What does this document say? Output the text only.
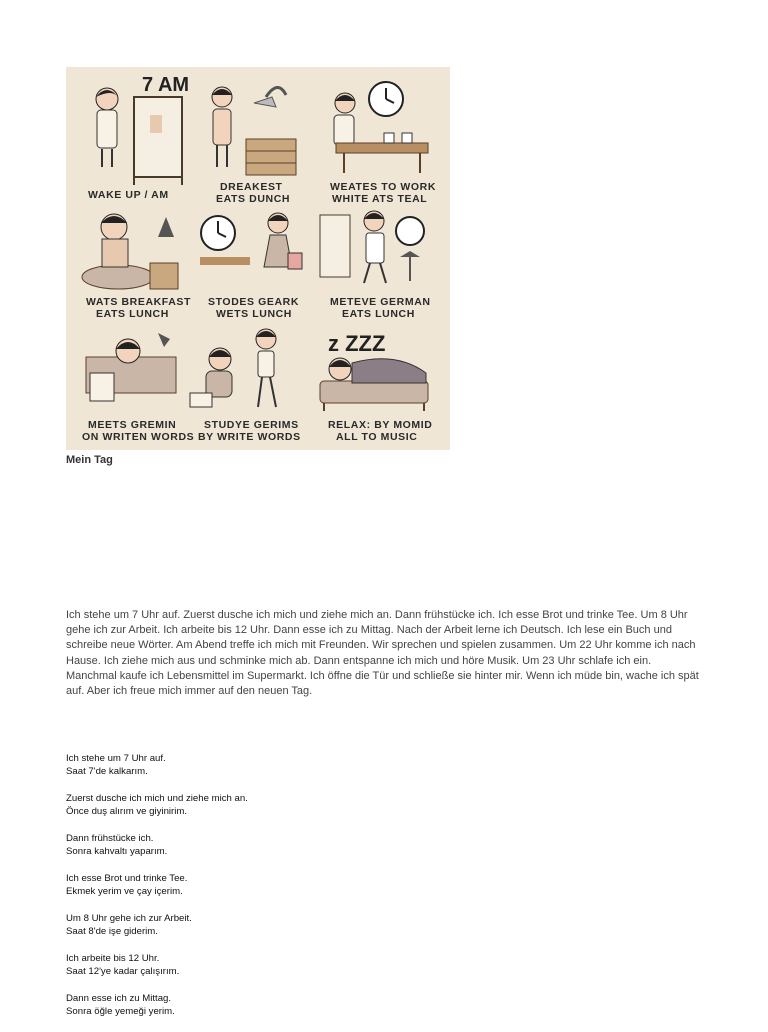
7 AM
z ZZZ
WAKE UP / AM
DREAKEST
EATS DUNCH
WEATES TO WORK
WHITE ATS TEAL
WATS BREAKFAST
EATS LUNCH
STODES GEARK
WETS LUNCH
METEVE GERMAN
EATS LUNCH
MEETS GREMIN
ON WRITEN WORDS
STUDYE GERIMS
BY WRITE WORDS
RELAX: BY MOMID
ALL TO MUSIC
Mein Tag

Ich stehe um 7 Uhr auf. Zuerst dusche ich mich und ziehe mich an. Dann frühstücke ich. Ich esse Brot und trinke Tee. Um 8 Uhr gehe ich zur Arbeit. Ich arbeite bis 12 Uhr. Dann esse ich zu Mittag. Nach der Arbeit lerne ich Deutsch. Ich lese ein Buch und schreibe neue Wörter. Am Abend treffe ich mich mit Freunden. Wir sprechen und spielen zusammen. Um 22 Uhr komme ich nach Hause. Ich ziehe mich aus und schminke mich ab. Dann entspanne ich mich und höre Musik. Um 23 Uhr schlafe ich ein. Manchmal kaufe ich Lebensmittel im Supermarkt. Ich öffne die Tür und schließe sie hinter mir. Wenn ich müde bin, wache ich spät auf. Aber ich freue mich immer auf den neuen Tag.

Ich stehe um 7 Uhr auf.
Saat 7'de kalkarım.
Zuerst dusche ich mich und ziehe mich an.
Önce duş alırım ve giyinirim.
Dann frühstücke ich.
Sonra kahvaltı yaparım.
Ich esse Brot und trinke Tee.
Ekmek yerim ve çay içerim.
Um 8 Uhr gehe ich zur Arbeit.
Saat 8'de işe giderim.
Ich arbeite bis 12 Uhr.
Saat 12'ye kadar çalışırım.
Dann esse ich zu Mittag.
Sonra öğle yemeği yerim.
